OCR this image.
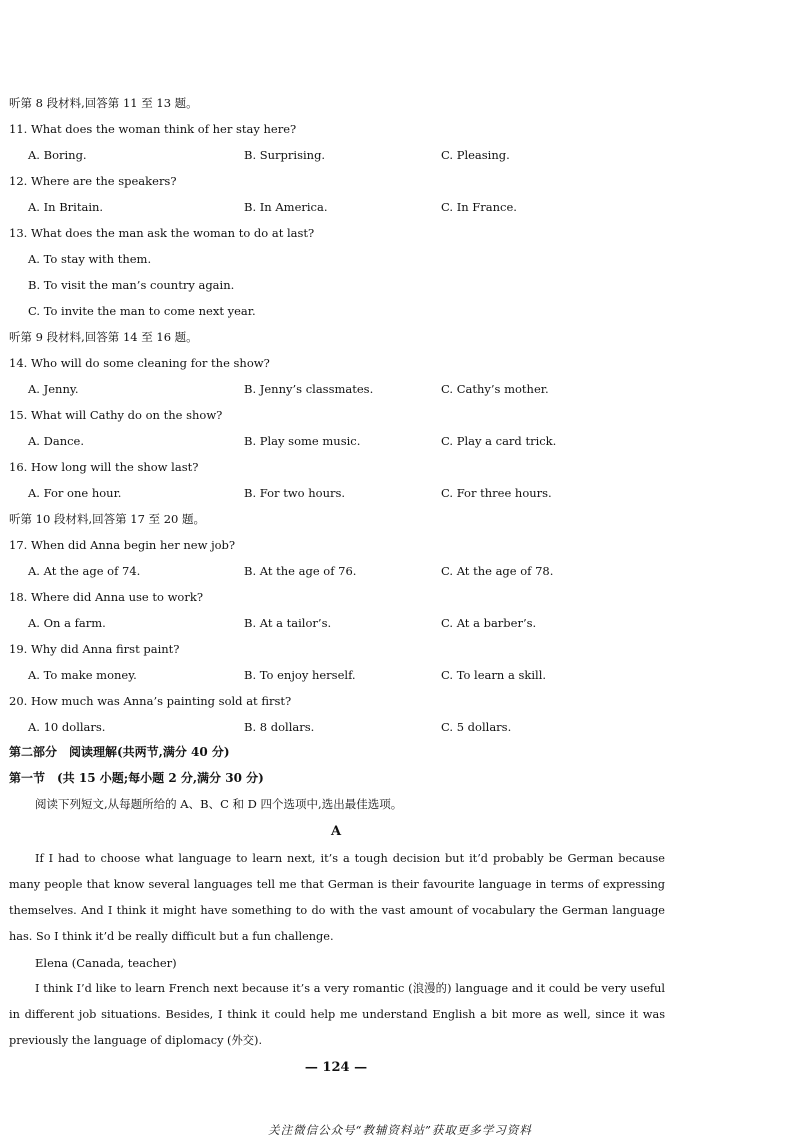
听第 8 段材料,回答第 11 至 13 题。
11. What does the woman think of her stay here?
A. Boring.	B. Surprising.	C. Pleasing.
12. Where are the speakers?
A. In Britain.	B. In America.	C. In France.
13. What does the man ask the woman to do at last?
A. To stay with them.
B. To visit the man’s country again.
C. To invite the man to come next year.
听第 9 段材料,回答第 14 至 16 题。
14. Who will do some cleaning for the show?
A. Jenny.	B. Jenny’s classmates.	C. Cathy’s mother.
15. What will Cathy do on the show?
A. Dance.	B. Play some music.	C. Play a card trick.
16. How long will the show last?
A. For one hour.	B. For two hours.	C. For three hours.
听第 10 段材料,回答第 17 至 20 题。
17. When did Anna begin her new job?
A. At the age of 74.	B. At the age of 76.	C. At the age of 78.
18. Where did Anna use to work?
A. On a farm.	B. At a tailor’s.	C. At a barber’s.
19. Why did Anna first paint?
A. To make money.	B. To enjoy herself.	C. To learn a skill.
20. How much was Anna’s painting sold at first?
A. 10 dollars.	B. 8 dollars.	C. 5 dollars.
第二部分　阅读理解(共两节,满分 40 分)
第一节　(共 15 小题;每小题 2 分,满分 30 分)
阅读下列短文,从每题所给的 A、B、C 和 D 四个选项中,选出最佳选项。
A
If I had to choose what language to learn next, it’s a tough decision but it’d probably be German because many people that know several languages tell me that German is their favourite language in terms of expressing themselves. And I think it might have something to do with the vast amount of vocabulary the German language has. So I think it’d be really difficult but a fun challenge.
Elena (Canada, teacher)
I think I’d like to learn French next because it’s a very romantic (浪漫的) language and it could be very useful in different job situations. Besides, I think it could help me understand English a bit more as well, since it was previously the language of diplomacy (外交).
— 124 —
关注微信公众号“教辅资料站”获取更多学习资料
